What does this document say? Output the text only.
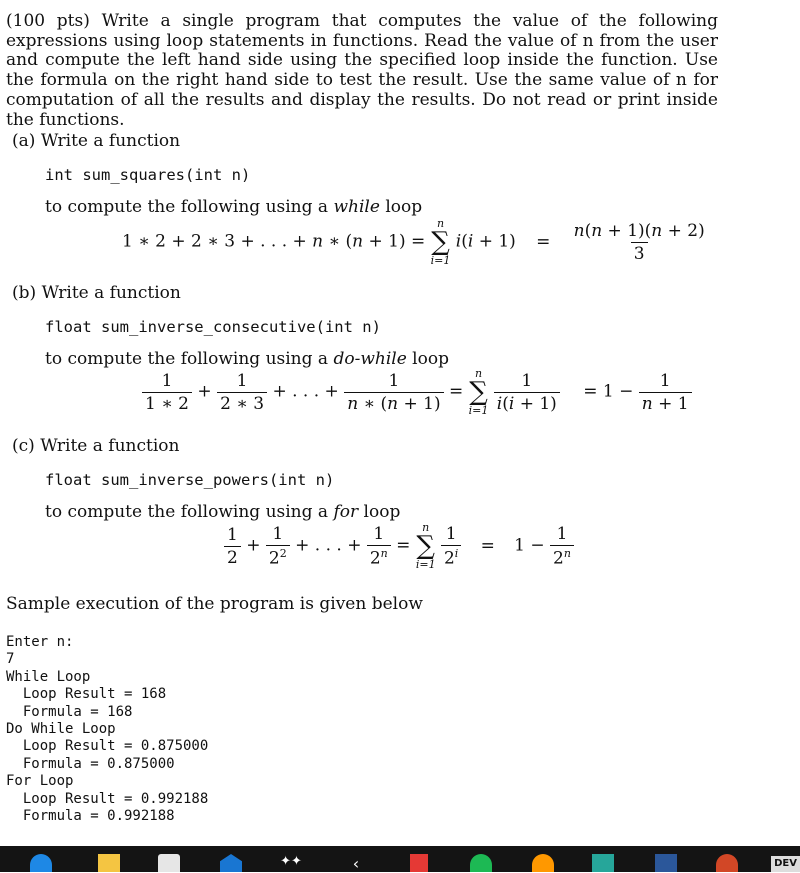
(100 pts) Write a single program that computes the value of the following expressions using loop statements in functions. Read the value of n from the user and compute the left hand side using the specified loop inside the function. Use the formula on the right hand side to test the result. Use the same value of n for computation of all the results and display the results. Do not read or print inside the functions.
(a) Write a function
int sum_squares(int n)
to compute the following using a while loop
1 ∗ 2 + 2 ∗ 3 + . . . + n ∗ (n + 1) =
n
∑
i=1
$i(i + 1) = \frac{n(n + 1)(n + 2)}{3}$
(b) Write a function
float sum_inverse_consecutive(int n)
to compute the following using a do-while loop
$\frac{1}{1 ∗ 2} + \frac{1}{2 ∗ 3}$ + . . . + $\frac{1}{n ∗ (n + 1)}$ =
n
∑
i=1
$\frac{1}{i(i + 1)} = 1 - \frac{1}{n + 1}$
(c) Write a function
float sum_inverse_powers(int n)
to compute the following using a for loop
$\frac{1}{2} + \frac{1}{2^2}$ + . . . + $\frac{1}{2^n}$ =
n
∑
i=1
$\frac{1}{2^i} = 1 - \frac{1}{2^n}$
Sample execution of the program is given below
Enter n:
7
While Loop
Loop Result = 168
Formula = 168
Do While Loop
Loop Result = 0.875000
Formula = 0.875000
For Loop
Loop Result = 0.992188
Formula = 0.992188
✦✦	‹	DEV
